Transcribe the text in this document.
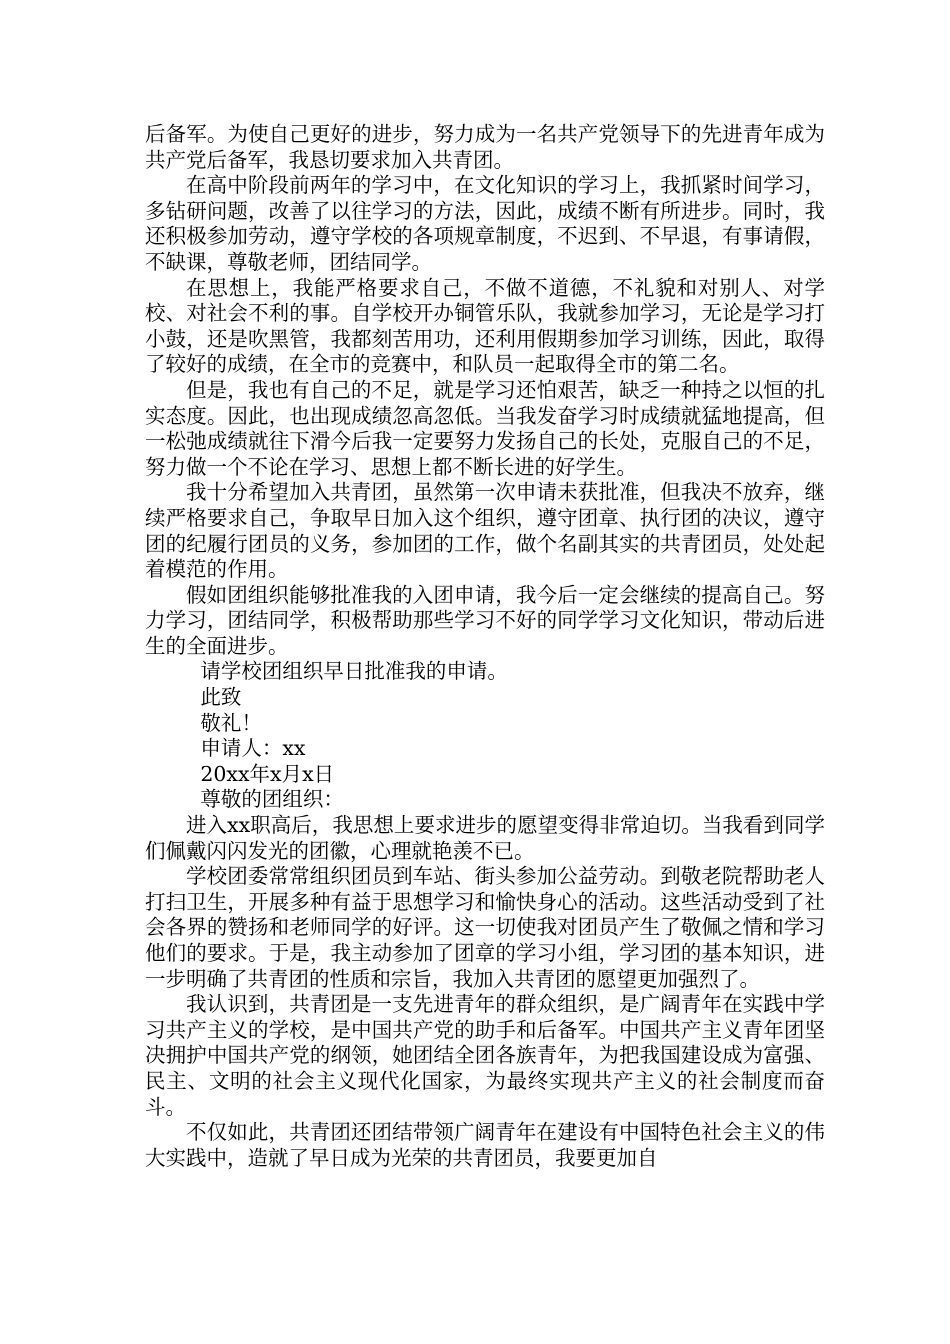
后备军。为使自己更好的进步，努力成为一名共产党领导下的先进青年成为共产党后备军，我恳切要求加入共青团。

在高中阶段前两年的学习中，在文化知识的学习上，我抓紧时间学习，多钻研问题，改善了以往学习的方法，因此，成绩不断有所进步。同时，我还积极参加劳动，遵守学校的各项规章制度，不迟到、不早退，有事请假，不缺课，尊敬老师，团结同学。

在思想上，我能严格要求自己，不做不道德，不礼貌和对别人、对学校、对社会不利的事。自学校开办铜管乐队，我就参加学习，无论是学习打小鼓，还是吹黑管，我都刻苦用功，还利用假期参加学习训练，因此，取得了较好的成绩，在全市的竞赛中，和队员一起取得全市的第二名。

但是，我也有自己的不足，就是学习还怕艰苦，缺乏一种持之以恒的扎实态度。因此，也出现成绩忽高忽低。当我发奋学习时成绩就猛地提高，但一松弛成绩就往下滑今后我一定要努力发扬自己的长处，克服自己的不足，努力做一个不论在学习、思想上都不断长进的好学生。

我十分希望加入共青团，虽然第一次申请未获批准，但我决不放弃，继续严格要求自己，争取早日加入这个组织，遵守团章、执行团的决议，遵守团的纪履行团员的义务，参加团的工作，做个名副其实的共青团员，处处起着模范的作用。

假如团组织能够批准我的入团申请，我今后一定会继续的提高自己。努力学习，团结同学，积极帮助那些学习不好的同学学习文化知识，带动后进生的全面进步。

请学校团组织早日批准我的申请。

此致

敬礼！

申请人：xx

20xx年x月x日

尊敬的团组织：

进入xx职高后，我思想上要求进步的愿望变得非常迫切。当我看到同学们佩戴闪闪发光的团徽，心理就艳羡不已。

学校团委常常组织团员到车站、街头参加公益劳动。到敬老院帮助老人打扫卫生，开展多种有益于思想学习和愉快身心的活动。这些活动受到了社会各界的赞扬和老师同学的好评。这一切使我对团员产生了敬佩之情和学习他们的要求。于是，我主动参加了团章的学习小组，学习团的基本知识，进一步明确了共青团的性质和宗旨，我加入共青团的愿望更加强烈了。

我认识到，共青团是一支先进青年的群众组织，是广阔青年在实践中学习共产主义的学校，是中国共产党的助手和后备军。中国共产主义青年团坚决拥护中国共产党的纲领，她团结全团各族青年，为把我国建设成为富强、民主、文明的社会主义现代化国家，为最终实现共产主义的社会制度而奋斗。

不仅如此，共青团还团结带领广阔青年在建设有中国特色社会主义的伟大实践中，造就了早日成为光荣的共青团员，我要更加自
